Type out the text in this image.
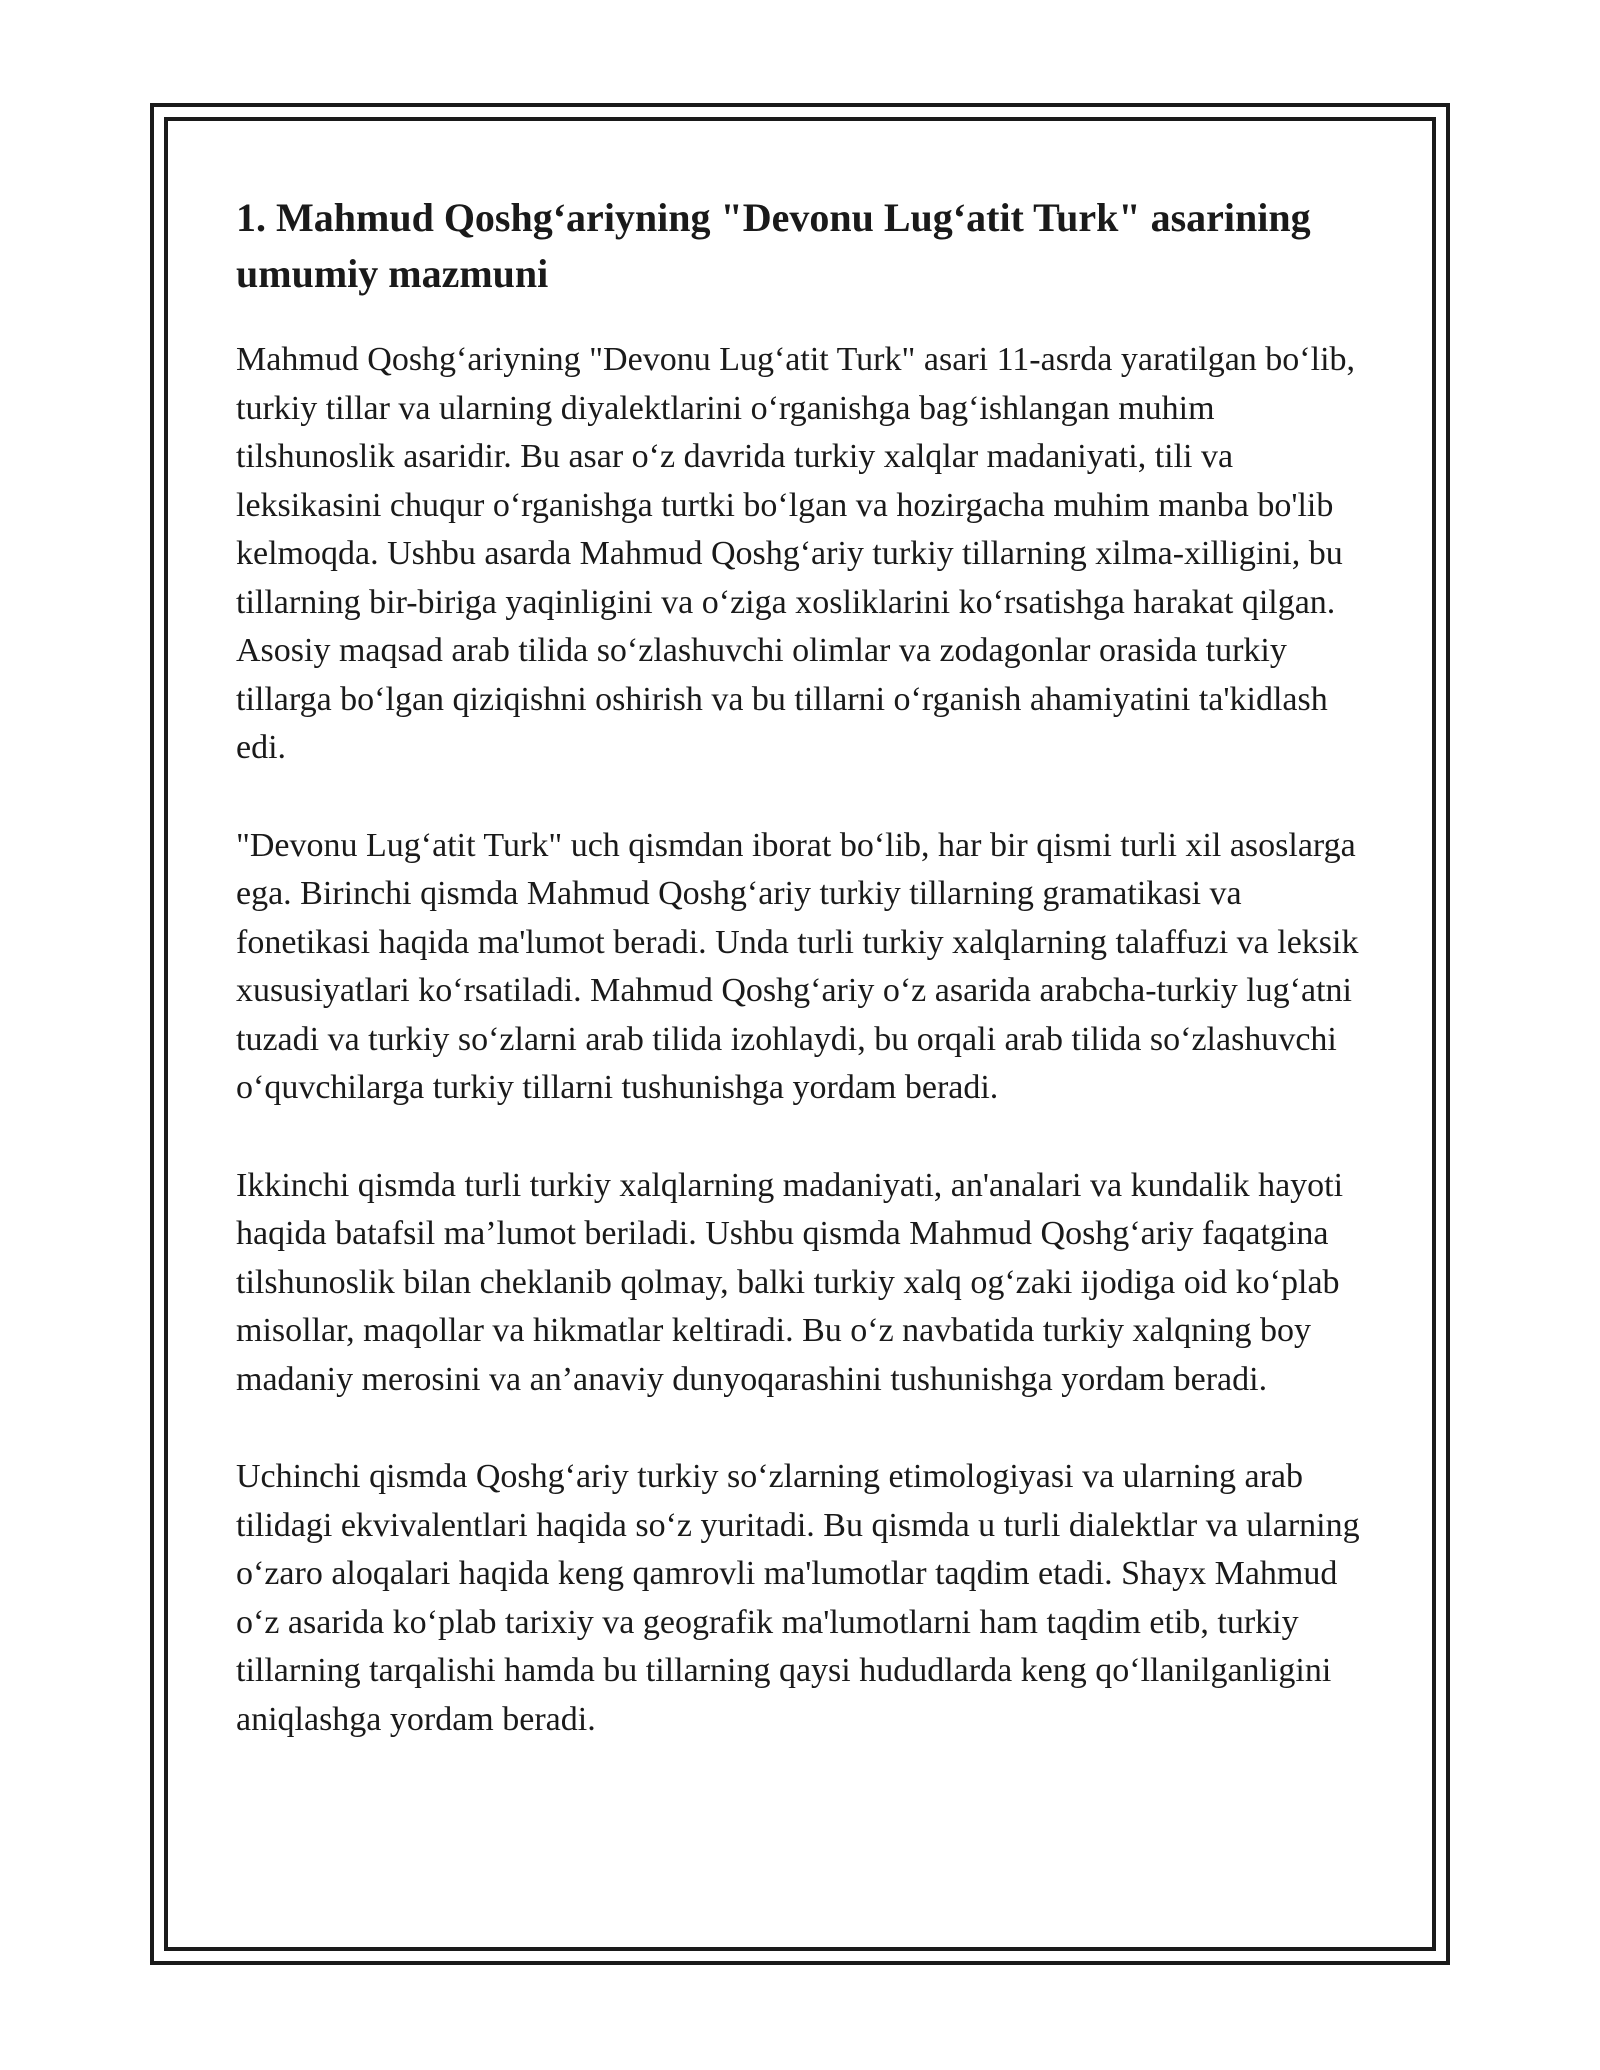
1. Mahmud Qoshg‘ariyning "Devonu Lug‘atit Turk" asarining umumiy mazmuni

Mahmud Qoshg‘ariyning "Devonu Lug‘atit Turk" asari 11-asrda yaratilgan bo‘lib, turkiy tillar va ularning diyalektlarini o‘rganishga bag‘ishlangan muhim tilshunoslik asaridir. Bu asar o‘z davrida turkiy xalqlar madaniyati, tili va leksikasini chuqur o‘rganishga turtki bo‘lgan va hozirgacha muhim manba bo'lib kelmoqda. Ushbu asarda Mahmud Qoshg‘ariy turkiy tillarning xilma-xilligini, bu tillarning bir-biriga yaqinligini va o‘ziga xosliklarini ko‘rsatishga harakat qilgan. Asosiy maqsad arab tilida so‘zlashuvchi olimlar va zodagonlar orasida turkiy tillarga bo‘lgan qiziqishni oshirish va bu tillarni o‘rganish ahamiyatini ta'kidlash edi.

"Devonu Lug‘atit Turk" uch qismdan iborat bo‘lib, har bir qismi turli xil asoslarga ega. Birinchi qismda Mahmud Qoshg‘ariy turkiy tillarning gramatikasi va fonetikasi haqida ma'lumot beradi. Unda turli turkiy xalqlarning talaffuzi va leksik xususiyatlari ko‘rsatiladi. Mahmud Qoshg‘ariy o‘z asarida arabcha-turkiy lug‘atni tuzadi va turkiy so‘zlarni arab tilida izohlaydi, bu orqali arab tilida so‘zlashuvchi o‘quvchilarga turkiy tillarni tushunishga yordam beradi.

Ikkinchi qismda turli turkiy xalqlarning madaniyati, an'analari va kundalik hayoti haqida batafsil ma’lumot beriladi. Ushbu qismda Mahmud Qoshg‘ariy faqatgina tilshunoslik bilan cheklanib qolmay, balki turkiy xalq og‘zaki ijodiga oid ko‘plab misollar, maqollar va hikmatlar keltiradi. Bu o‘z navbatida turkiy xalqning boy madaniy merosini va an’anaviy dunyoqarashini tushunishga yordam beradi.

Uchinchi qismda Qoshg‘ariy turkiy so‘zlarning etimologiyasi va ularning arab tilidagi ekvivalentlari haqida so‘z yuritadi. Bu qismda u turli dialektlar va ularning o‘zaro aloqalari haqida keng qamrovli ma'lumotlar taqdim etadi. Shayx Mahmud o‘z asarida ko‘plab tarixiy va geografik ma'lumotlarni ham taqdim etib, turkiy tillarning tarqalishi hamda bu tillarning qaysi hududlarda keng qo‘llanilganligini aniqlashga yordam beradi.
